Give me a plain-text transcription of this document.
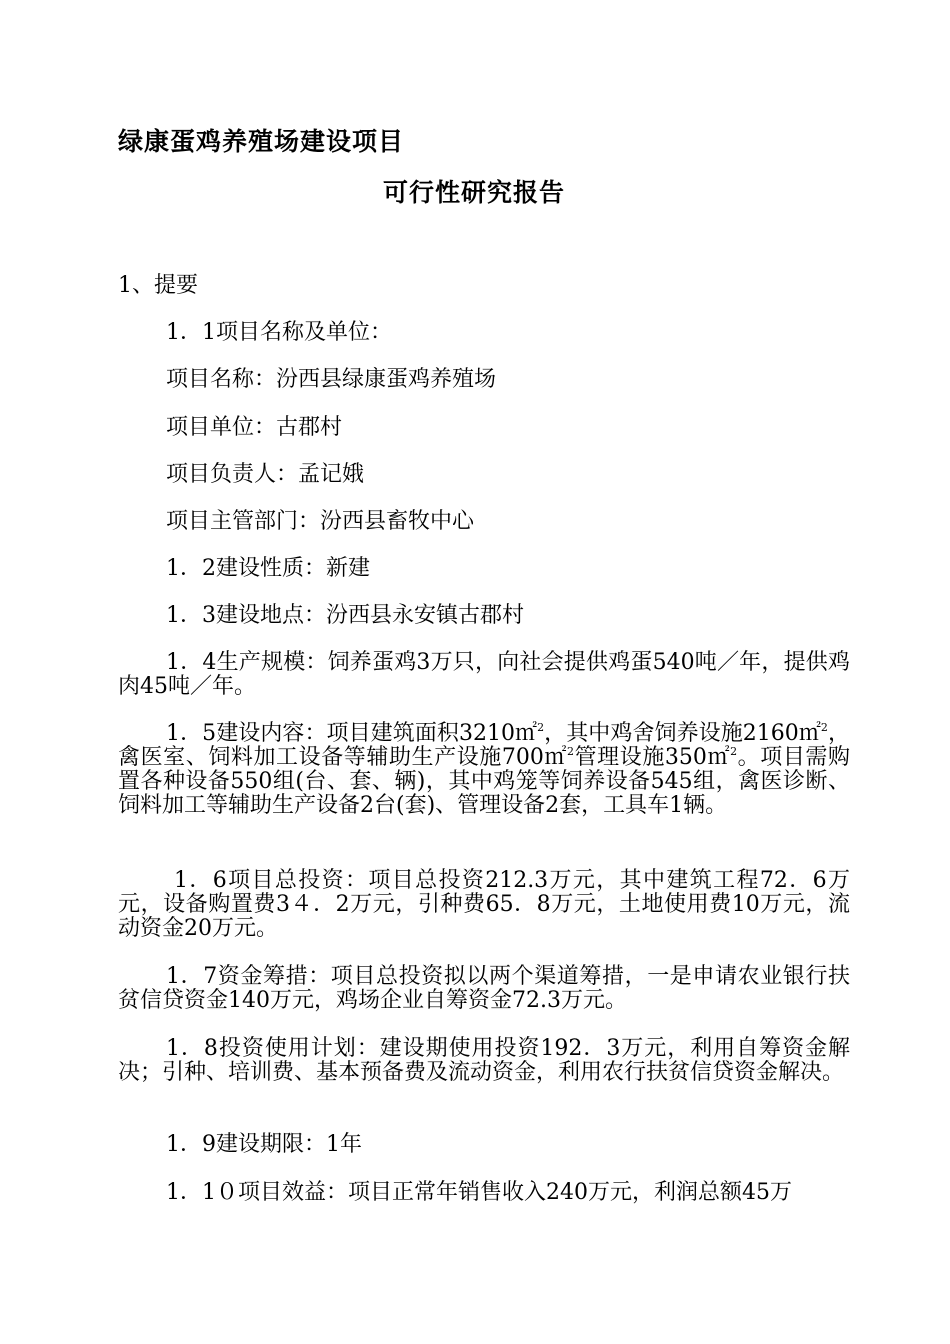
绿康蛋鸡养殖场建设项目
可行性研究报告

1、提要

1．1项目名称及单位：

项目名称：汾西县绿康蛋鸡养殖场

项目单位：古郡村

项目负责人：孟记娥

项目主管部门：汾西县畜牧中心

1．2建设性质：新建

1．3建设地点：汾西县永安镇古郡村

1．4生产规模：饲养蛋鸡3万只，向社会提供鸡蛋540吨／年，提供鸡肉45吨／年。

1．5建设内容：项目建筑面积3210㎡$^2$，其中鸡舍饲养设施2160㎡$^2$，禽医室、饲料加工设备等辅助生产设施700㎡$^2$管理设施350㎡$^2$。项目需购置各种设备550组(台、套、辆)，其中鸡笼等饲养设备545组，禽医诊断、饲料加工等辅助生产设备2台(套)、管理设备2套，工具车1辆。

1．6项目总投资：项目总投资212.3万元，其中建筑工程72．6万元，设备购置费3４．2万元，引种费65．8万元，土地使用费10万元，流动资金20万元。

1．7资金筹措：项目总投资拟以两个渠道筹措，一是申请农业银行扶贫信贷资金140万元，鸡场企业自筹资金72.3万元。

1．8投资使用计划：建设期使用投资192．3万元，利用自筹资金解决；引种、培训费、基本预备费及流动资金，利用农行扶贫信贷资金解决。

1．9建设期限：1年

1．1０项目效益：项目正常年销售收入240万元，利润总额45万
